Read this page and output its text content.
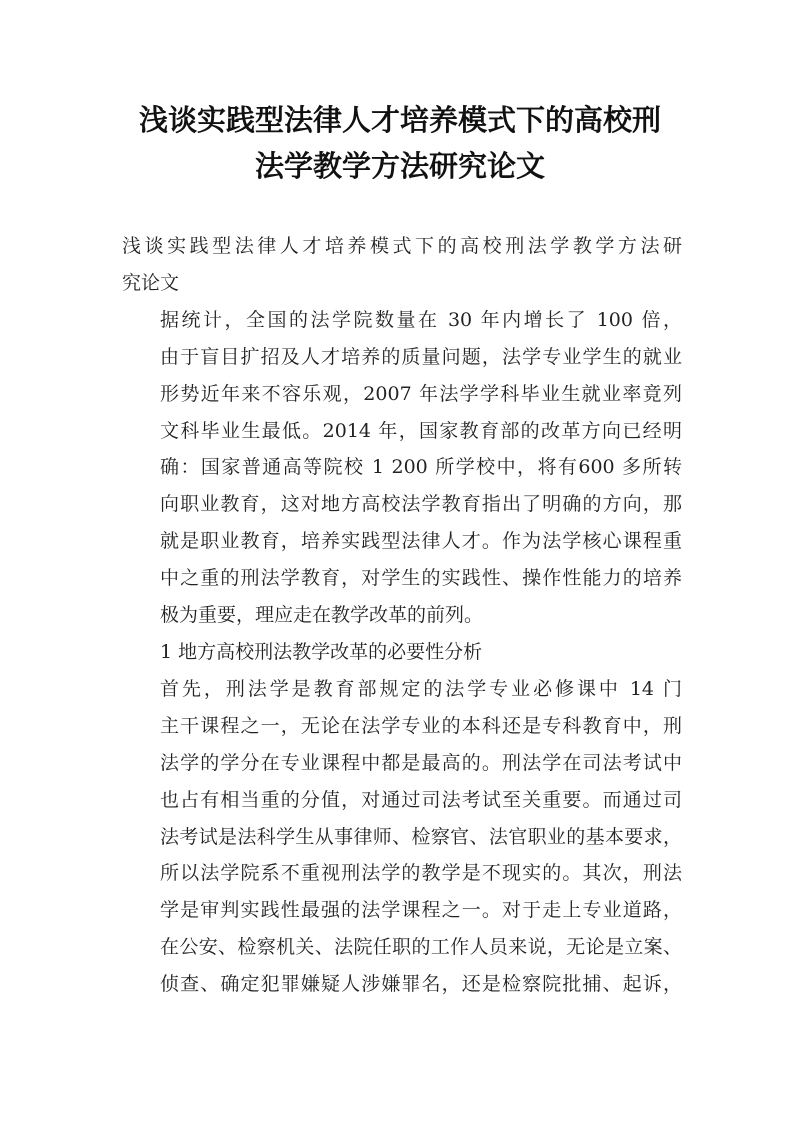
浅谈实践型法律人才培养模式下的高校刑
法学教学方法研究论文

浅谈实践型法律人才培养模式下的高校刑法学教学方法研
究论文

据统计，全国的法学院数量在 30 年内增长了 100 倍，
由于盲目扩招及人才培养的质量问题，法学专业学生的就业
形势近年来不容乐观，2007 年法学学科毕业生就业率竟列
文科毕业生最低。2014 年，国家教育部的改革方向已经明
确：国家普通高等院校 1 200 所学校中，将有600 多所转
向职业教育，这对地方高校法学教育指出了明确的方向，那
就是职业教育，培养实践型法律人才。作为法学核心课程重
中之重的刑法学教育，对学生的实践性、操作性能力的培养
极为重要，理应走在教学改革的前列。

1 地方高校刑法教学改革的必要性分析

首先，刑法学是教育部规定的法学专业必修课中 14 门
主干课程之一，无论在法学专业的本科还是专科教育中，刑
法学的学分在专业课程中都是最高的。刑法学在司法考试中
也占有相当重的分值，对通过司法考试至关重要。而通过司
法考试是法科学生从事律师、检察官、法官职业的基本要求，
所以法学院系不重视刑法学的教学是不现实的。其次，刑法
学是审判实践性最强的法学课程之一。对于走上专业道路，
在公安、检察机关、法院任职的工作人员来说，无论是立案、
侦查、确定犯罪嫌疑人涉嫌罪名，还是检察院批捕、起诉，
